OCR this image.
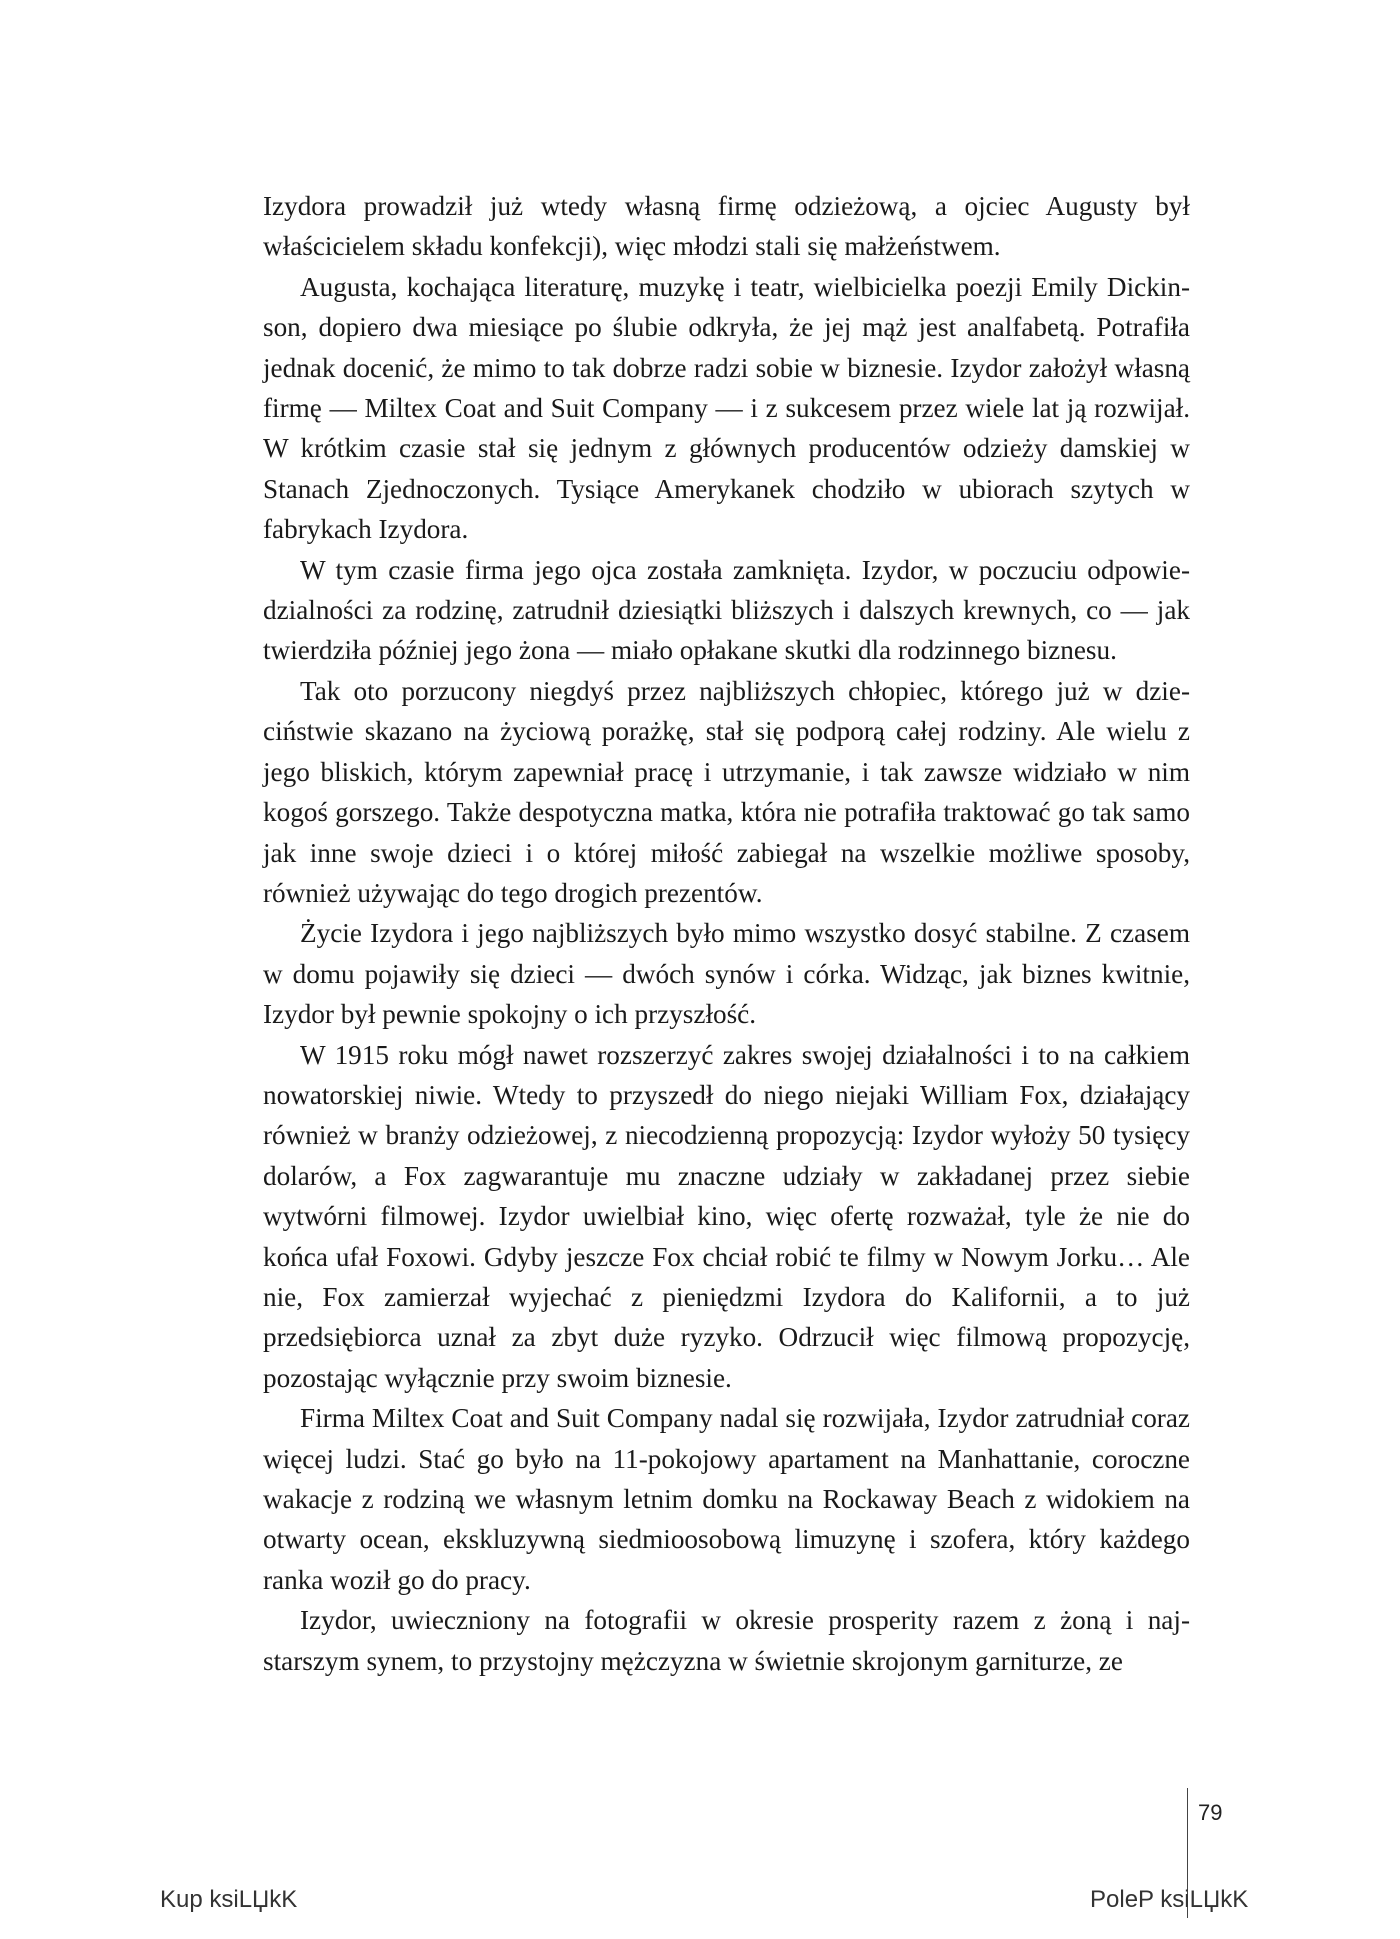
Izydora prowadził już wtedy własną firmę odzieżową, a ojciec Augusty był właścicielem składu konfekcji), więc młodzi stali się małżeństwem.

Augusta, kochająca literaturę, muzykę i teatr, wielbicielka poezji Emily Dickinson, dopiero dwa miesiące po ślubie odkryła, że jej mąż jest analfabetą. Potrafiła jednak docenić, że mimo to tak dobrze radzi sobie w biznesie. Izydor założył własną firmę — Miltex Coat and Suit Company — i z sukcesem przez wiele lat ją rozwijał. W krótkim czasie stał się jednym z głównych producentów odzieży damskiej w Stanach Zjednoczonych. Tysiące Amerykanek chodziło w ubiorach szytych w fabrykach Izydora.

W tym czasie firma jego ojca została zamknięta. Izydor, w poczuciu odpowiedzialności za rodzinę, zatrudnił dziesiątki bliższych i dalszych krewnych, co — jak twierdziła później jego żona — miało opłakane skutki dla rodzinnego biznesu.

Tak oto porzucony niegdyś przez najbliższych chłopiec, którego już w dzieciństwie skazano na życiową porażkę, stał się podporą całej rodziny. Ale wielu z jego bliskich, którym zapewniał pracę i utrzymanie, i tak zawsze widziało w nim kogoś gorszego. Także despotyczna matka, która nie potrafiła traktować go tak samo jak inne swoje dzieci i o której miłość zabiegał na wszelkie możliwe sposoby, również używając do tego drogich prezentów.

Życie Izydora i jego najbliższych było mimo wszystko dosyć stabilne. Z czasem w domu pojawiły się dzieci — dwóch synów i córka. Widząc, jak biznes kwitnie, Izydor był pewnie spokojny o ich przyszłość.

W 1915 roku mógł nawet rozszerzyć zakres swojej działalności i to na całkiem nowatorskiej niwie. Wtedy to przyszedł do niego niejaki William Fox, działający również w branży odzieżowej, z niecodzienną propozycją: Izydor wyłoży 50 tysięcy dolarów, a Fox zagwarantuje mu znaczne udziały w zakładanej przez siebie wytwórni filmowej. Izydor uwielbiał kino, więc ofertę rozważał, tyle że nie do końca ufał Foxowi. Gdyby jeszcze Fox chciał robić te filmy w Nowym Jorku… Ale nie, Fox zamierzał wyjechać z pieniędzmi Izydora do Kalifornii, a to już przedsiębiorca uznał za zbyt duże ryzyko. Odrzucił więc filmową propozycję, pozostając wyłącznie przy swoim biznesie.

Firma Miltex Coat and Suit Company nadal się rozwijała, Izydor zatrudniał coraz więcej ludzi. Stać go było na 11-pokojowy apartament na Manhattanie, coroczne wakacje z rodziną we własnym letnim domku na Rockaway Beach z widokiem na otwarty ocean, ekskluzywną siedmioosobową limuzynę i szofera, który każdego ranka woził go do pracy.

Izydor, uwieczniony na fotografii w okresie prosperity razem z żoną i najstarszym synem, to przystojny mężczyzna w świetnie skrojonym garniturze, ze

79
Kup ksiLЏkK	PoleP ksiLЏkK
